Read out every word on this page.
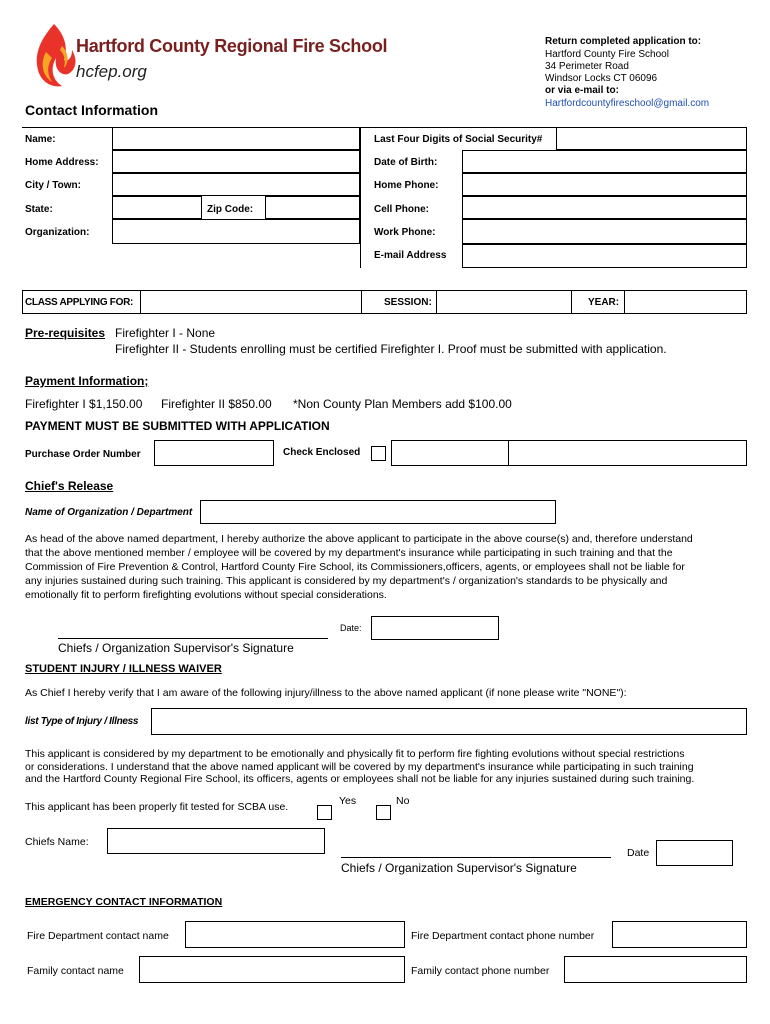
Hartford County Regional Fire School
hcfep.org
Return completed application to:
Hartford County Fire School
34 Perimeter Road
Windsor Locks CT 06096
or via e-mail to:
Hartfordcountyfireschool@gmail.com
Contact Information
Name:	Last Four Digits of Social Security#
Home Address:	Date of Birth:
City / Town:	Home Phone:
State:	Zip Code:	Cell Phone:
Organization:	Work Phone:
E-mail Address
CLASS APPLYING FOR:	SESSION:	YEAR:
Pre-requisites Firefighter I - None
Firefighter II - Students enrolling must be certified Firefighter I. Proof must be submitted with application.
Payment Information;
Firefighter I $1,150.00 Firefighter II $850.00 *Non County Plan Members add $100.00
PAYMENT MUST BE SUBMITTED WITH APPLICATION
Purchase Order Number	Check Enclosed
Chief's Release
Name of Organization / Department
As head of the above named department, I hereby authorize the above applicant to participate in the above course(s) and, therefore understand
that the above mentioned member / employee will be covered by my department's insurance while participating in such training and that the
Commission of Fire Prevention & Control, Hartford County Fire School, its Commissioners,officers, agents, or employees shall not be liable for
any injuries sustained during such training. This applicant is considered by my department's / organization's standards to be physically and
emotionally fit to perform firefighting evolutions without special considerations.
Chiefs / Organization Supervisor's Signature
Date:
STUDENT INJURY / ILLNESS WAIVER
As Chief I hereby verify that I am aware of the following injury/illness to the above named applicant (if none please write "NONE"):
list Type of Injury / Illness
This applicant is considered by my department to be emotionally and physically fit to perform fire fighting evolutions without special restrictions
or considerations. I understand that the above named applicant will be covered by my department's insurance while participating in such training
and the Hartford County Regional Fire School, its officers, agents or employees shall not be liable for any injuries sustained during such training.
This applicant has been properly fit tested for SCBA use.	Yes	No
Chiefs Name:
Chiefs / Organization Supervisor's Signature
Date
EMERGENCY CONTACT INFORMATION
Fire Department contact name	Fire Department contact phone number
Family contact name	Family contact phone number
